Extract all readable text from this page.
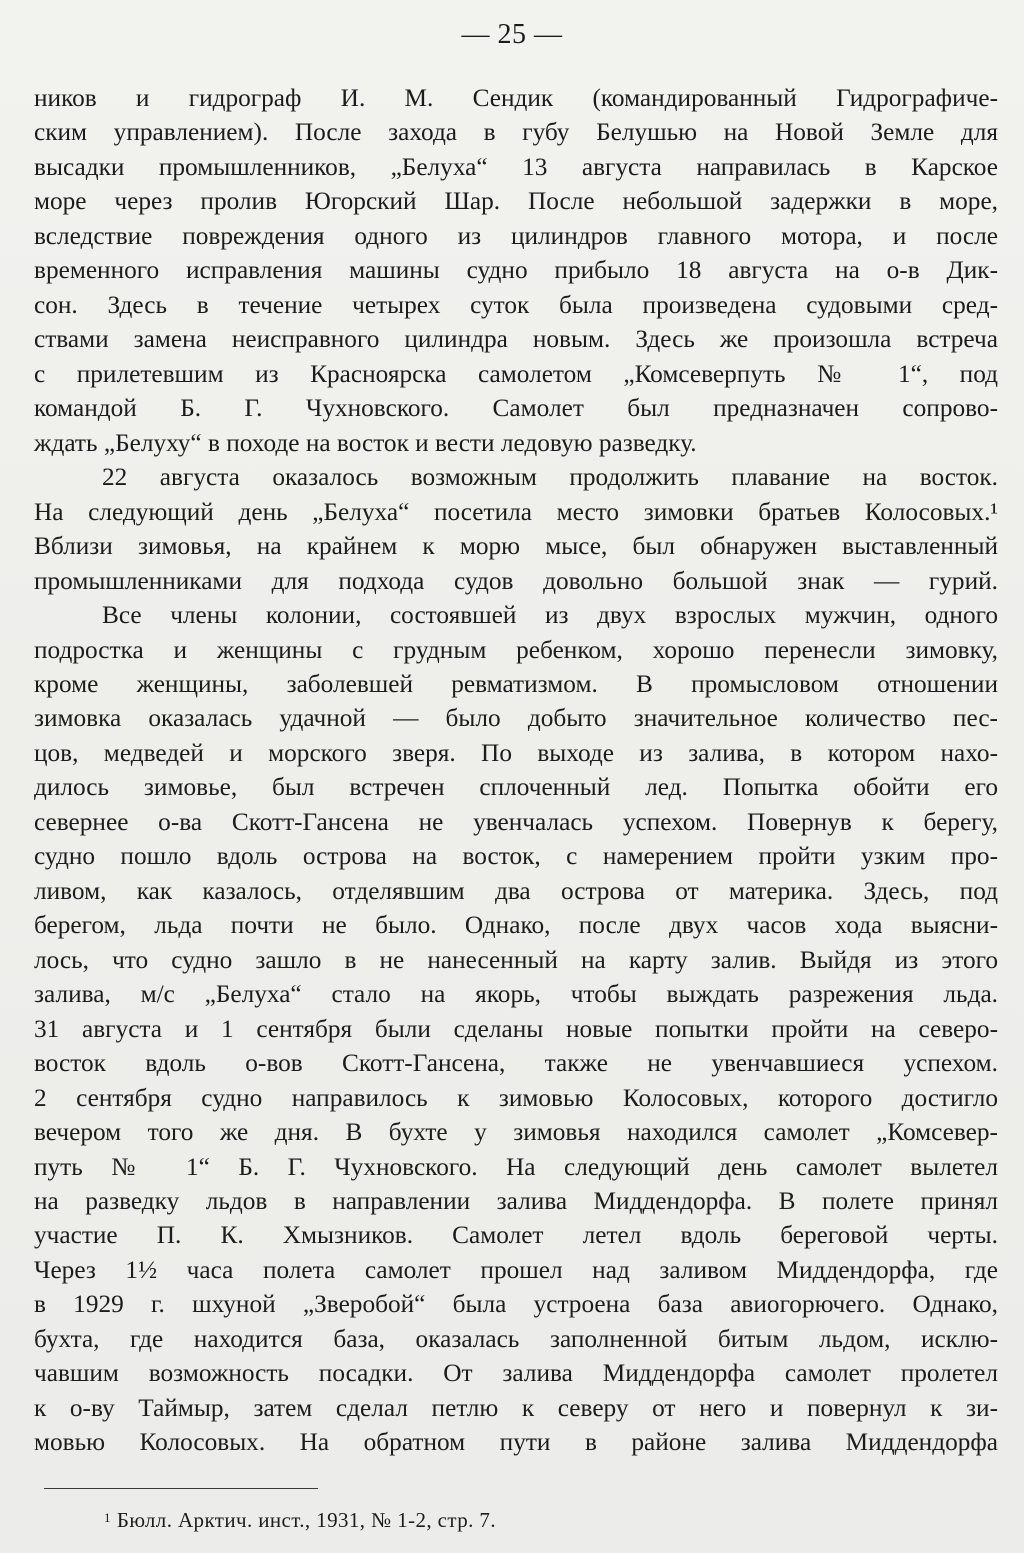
— 25 —
ников и гидрограф И. М. Сендик (командированный Гидрографиче-
ским управлением). После захода в губу Белушью на Новой Земле для
высадки промышленников, „Белуха“ 13 августа направилась в Карское
море через пролив Югорский Шар. После небольшой задержки в море,
вследствие повреждения одного из цилиндров главного мотора, и после
временного исправления машины судно прибыло 18 августа на о-в Дик-
сон. Здесь в течение четырех суток была произведена судовыми сред-
ствами замена неисправного цилиндра новым. Здесь же произошла встреча
с прилетевшим из Красноярска самолетом „Комсеверпуть № 1“, под
командой Б. Г. Чухновского. Самолет был предназначен сопрово-
ждать „Белуху“ в походе на восток и вести ледовую разведку.
22 августа оказалось возможным продолжить плавание на восток.
На следующий день „Белуха“ посетила место зимовки братьев Колосовых.¹
Вблизи зимовья, на крайнем к морю мысе, был обнаружен выставленный
промышленниками для подхода судов довольно большой знак — гурий.
Все члены колонии, состоявшей из двух взрослых мужчин, одного
подростка и женщины с грудным ребенком, хорошо перенесли зимовку,
кроме женщины, заболевшей ревматизмом. В промысловом отношении
зимовка оказалась удачной — было добыто значительное количество пес-
цов, медведей и морского зверя. По выходе из залива, в котором нахо-
дилось зимовье, был встречен сплоченный лед. Попытка обойти его
севернее о-ва Скотт-Гансена не увенчалась успехом. Повернув к берегу,
судно пошло вдоль острова на восток, с намерением пройти узким про-
ливом, как казалось, отделявшим два острова от материка. Здесь, под
берегом, льда почти не было. Однако, после двух часов хода выясни-
лось, что судно зашло в не нанесенный на карту залив. Выйдя из этого
залива, м/с „Белуха“ стало на якорь, чтобы выждать разрежения льда.
31 августа и 1 сентября были сделаны новые попытки пройти на северо-
восток вдоль о-вов Скотт-Гансена, также не увенчавшиеся успехом.
2 сентября судно направилось к зимовью Колосовых, которого достигло
вечером того же дня. В бухте у зимовья находился самолет „Комсевер-
путь № 1“ Б. Г. Чухновского. На следующий день самолет вылетел
на разведку льдов в направлении залива Миддендорфа. В полете принял
участие П. К. Хмызников. Самолет летел вдоль береговой черты.
Через 1½ часа полета самолет прошел над заливом Миддендорфа, где
в 1929 г. шхуной „Зверобой“ была устроена база авиогорючего. Однако,
бухта, где находится база, оказалась заполненной битым льдом, исклю-
чавшим возможность посадки. От залива Миддендорфа самолет пролетел
к о-ву Таймыр, затем сделал петлю к северу от него и повернул к зи-
мовью Колосовых. На обратном пути в районе залива Миддендорфа
$^1$ Бюлл. Арктич. инст., 1931, № 1-2, стр. 7.
